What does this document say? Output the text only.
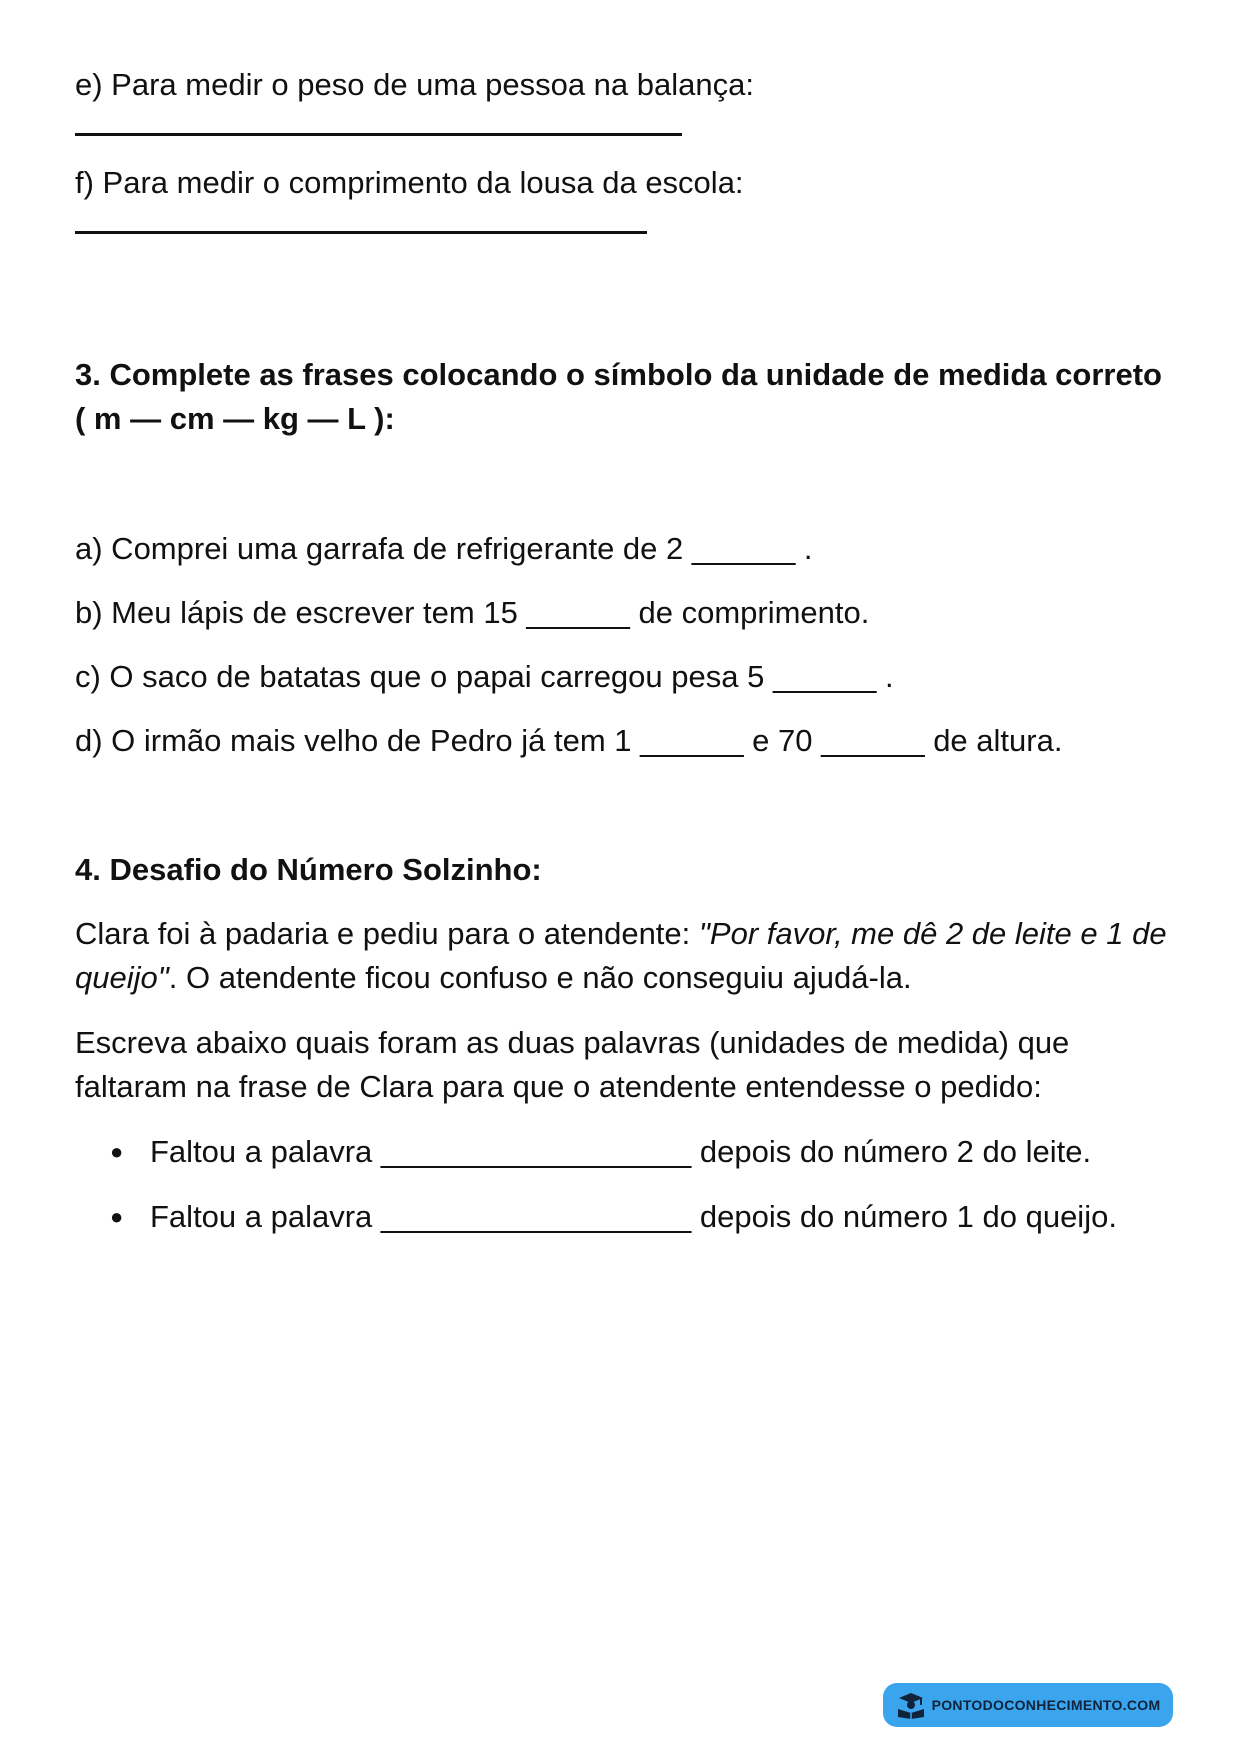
e) Para medir o peso de uma pessoa na balança:
f) Para medir o comprimento da lousa da escola:
3. Complete as frases colocando o símbolo da unidade de medida correto ( m — cm — kg — L ):
a) Comprei uma garrafa de refrigerante de 2 ______ .
b) Meu lápis de escrever tem 15 ______ de comprimento.
c) O saco de batatas que o papai carregou pesa 5 ______ .
d) O irmão mais velho de Pedro já tem 1 ______ e 70 ______ de altura.
4. Desafio do Número Solzinho:
Clara foi à padaria e pediu para o atendente: "Por favor, me dê 2 de leite e 1 de queijo". O atendente ficou confuso e não conseguiu ajudá-la.
Escreva abaixo quais foram as duas palavras (unidades de medida) que faltaram na frase de Clara para que o atendente entendesse o pedido:
● Faltou a palavra __________________ depois do número 2 do leite.
● Faltou a palavra __________________ depois do número 1 do queijo.
PONTODOCONHECIMENTO.COM
